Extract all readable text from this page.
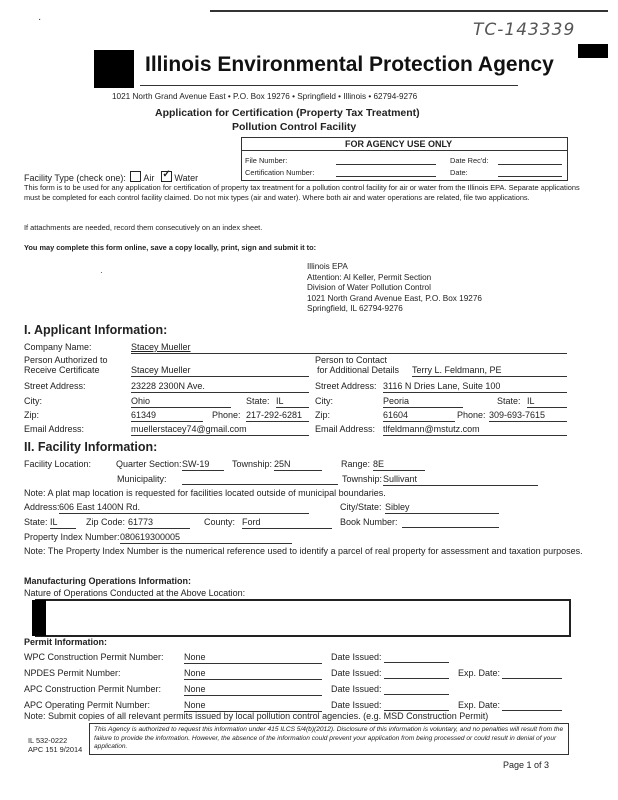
·
TC-143339
Illinois Environmental Protection Agency
1021 North Grand Avenue East • P.O. Box 19276 • Springfield • Illinois • 62794-9276
Application for Certification (Property Tax Treatment)
Pollution Control Facility
FOR AGENCY USE ONLY
File Number:	Date Rec'd:
Certification Number:	Date:
Facility Type (check one): Air  ✓ Water
This form is to be used for any application for certification of property tax treatment for a pollution control facility for air or water from the Illinois EPA. Separate applications must be completed for each control facility claimed. Do not mix types (air and water). Where both air and water operations are related, file two applications.
If attachments are needed, record them consecutively on an index sheet.
You may complete this form online, save a copy locally, print, sign and submit it to:
Illinois EPA
Attention: Al Keller, Permit Section
Division of Water Pollution Control
1021 North Grand Avenue East, P.O. Box 19276
Springfield, IL 62794-9276
·
I. Applicant Information:
Company Name:	Stacey Mueller
Person Authorized to
Receive Certificate	Stacey Mueller
Person to Contact
for Additional Details Terry L. Feldmann, PE
Street Address:	23228 2300N Ave.	Street Address: 3116 N Dries Lane, Suite 100
City:	Ohio	State: IL	City:	Peoria	State: IL
Zip:	61349	Phone: 217-292-6281	Zip:	61604	Phone: 309-693-7615
Email Address:	muellerstacey74@gmail.com	Email Address: tlfeldmann@mstutz.com
II. Facility Information:
Facility Location:	Quarter Section: SW-19	Township: 25N	Range: 8E
Municipality:	Township: Sullivant
Note: A plat map location is requested for facilities located outside of municipal boundaries.
Address: 606 East 1400N Rd.	City/State: Sibley
State: IL	Zip Code: 61773	County: Ford	Book Number:
Property Index Number: 080619300005
Note: The Property Index Number is the numerical reference used to identify a parcel of real property for assessment and taxation purposes.
Manufacturing Operations Information:
Nature of Operations Conducted at the Above Location:
Permit Information:
WPC Construction Permit Number: None	Date Issued:
NPDES Permit Number:	None	Date Issued:	Exp. Date:
APC Construction Permit Number:	None	Date Issued:
APC Operating Permit Number:	None	Date Issued:	Exp. Date:
Note: Submit copies of all relevant permits issued by local pollution control agencies. (e.g. MSD Construction Permit)
IL 532-0222
APC 151 9/2014
This Agency is authorized to request this information under 415 ILCS 5/4(b)(2012). Disclosure of this information is voluntary, and no penalties will result from the failure to provide the information. However, the absence of the information could prevent your application from being processed or could result in denial of your application.
Page 1 of 3
